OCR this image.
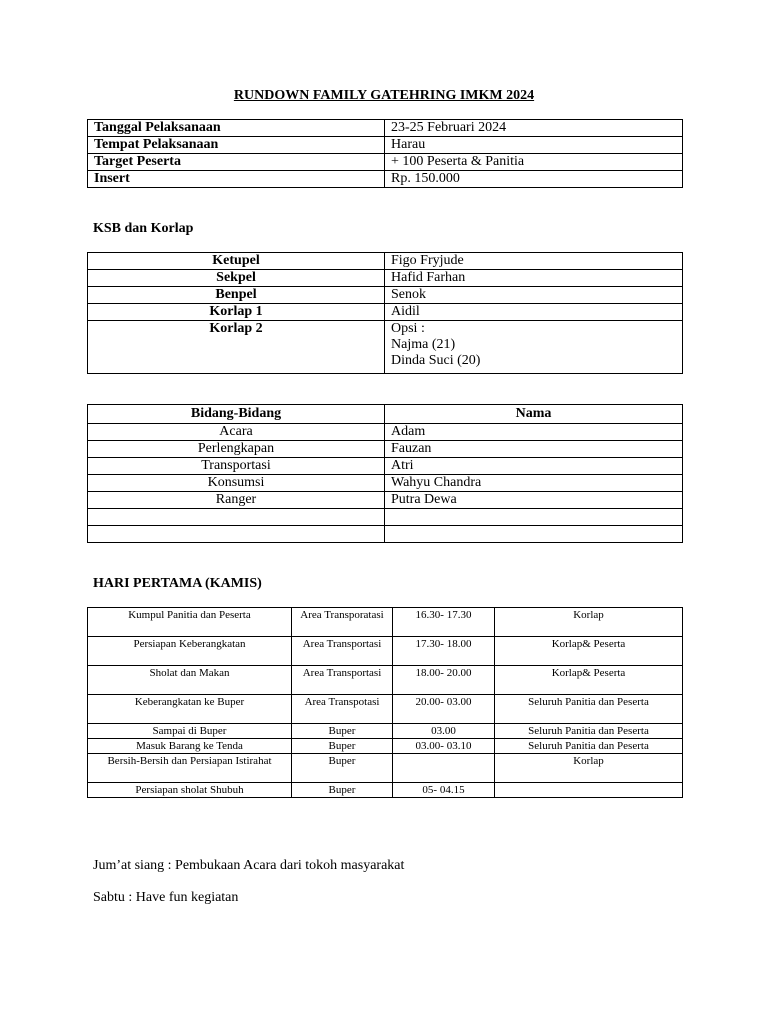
RUNDOWN FAMILY GATEHRING IMKM 2024
Tanggal Pelaksanaan	23-25 Februari 2024
Tempat Pelaksanaan	Harau
Target Peserta	+ 100 Peserta & Panitia
Insert	Rp. 150.000
KSB dan Korlap
Ketupel	Figo Fryjude
Sekpel	Hafid Farhan
Benpel	Senok
Korlap 1	Aidil
Korlap 2	Opsi :
Najma (21)
Dinda Suci (20)
Bidang-Bidang	Nama
Acara	Adam
Perlengkapan	Fauzan
Transportasi	Atri
Konsumsi	Wahyu Chandra
Ranger	Putra Dewa

HARI PERTAMA (KAMIS)
Kumpul Panitia dan Peserta	Area Transporatasi	16.30- 17.30	Korlap
Persiapan Keberangkatan	Area Transportasi	17.30- 18.00	Korlap& Peserta
Sholat dan Makan	Area Transportasi	18.00- 20.00	Korlap& Peserta
Keberangkatan ke Buper	Area Transpotasi	20.00- 03.00	Seluruh Panitia dan Peserta
Sampai di Buper	Buper	03.00	Seluruh Panitia dan Peserta
Masuk Barang ke Tenda	Buper	03.00- 03.10	Seluruh Panitia dan Peserta
Bersih-Bersih dan Persiapan Istirahat	Buper		Korlap
Persiapan sholat Shubuh	Buper	05- 04.15	
Jum’at siang : Pembukaan Acara dari tokoh masyarakat
Sabtu : Have fun kegiatan
